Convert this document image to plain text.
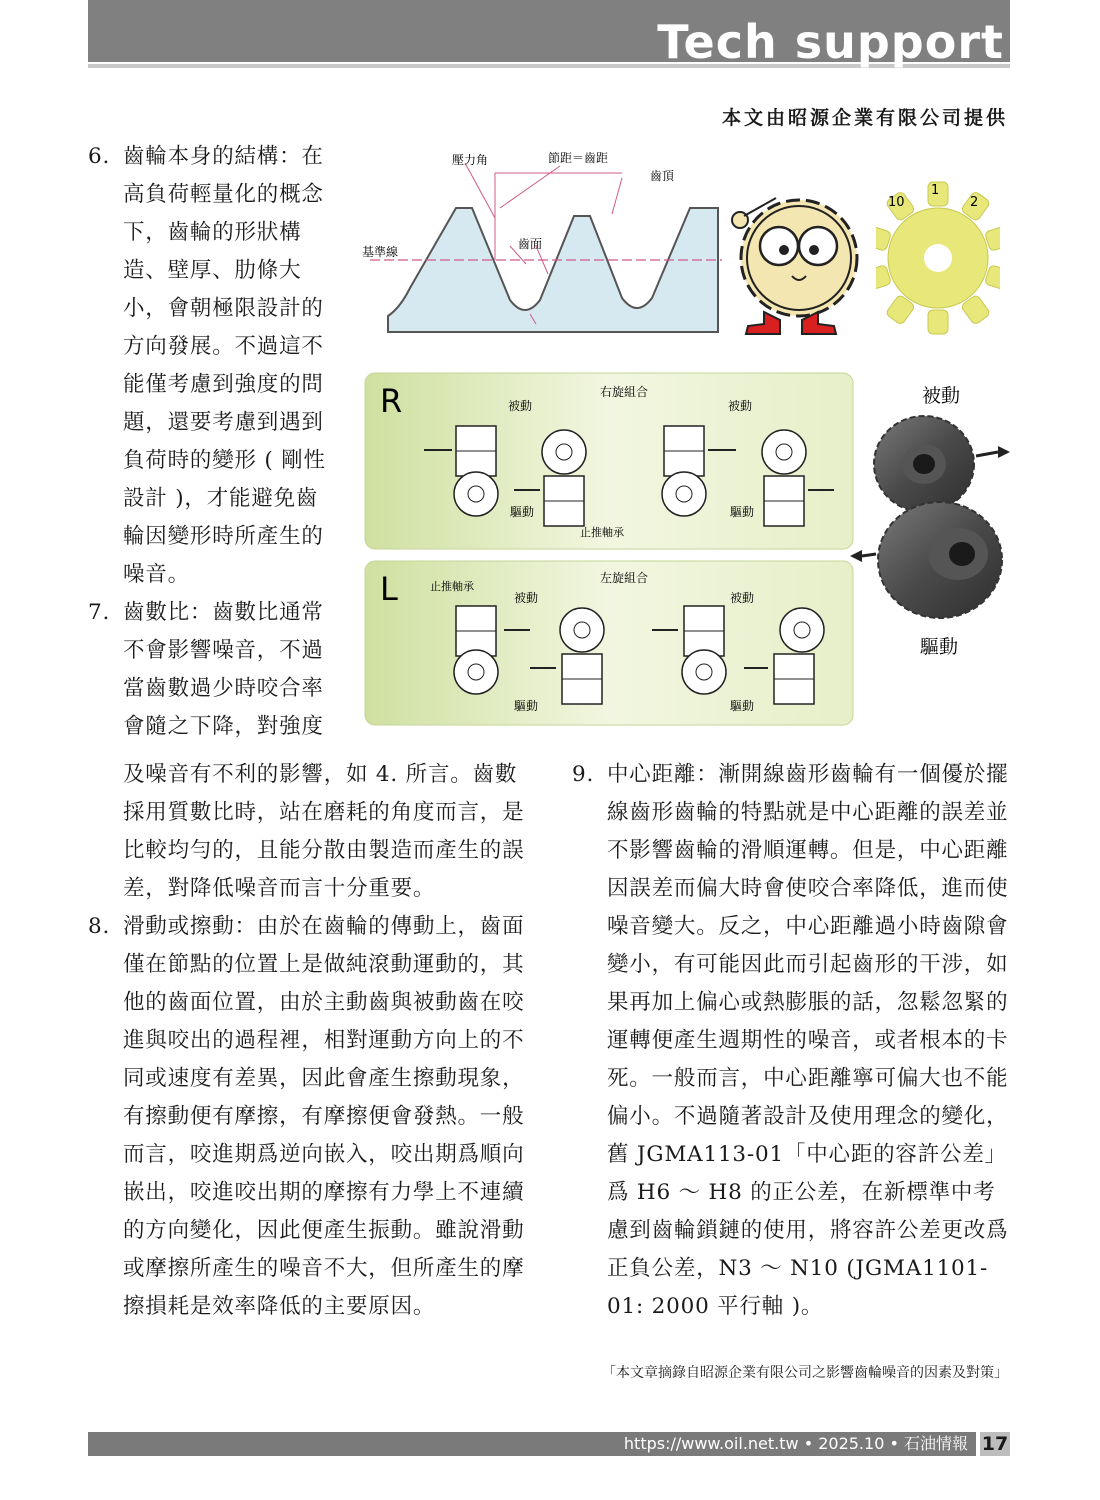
Tech support
本文由昭源企業有限公司提供

6. 齒輪本身的結構：在高負荷輕量化的概念下，齒輪的形狀構造、壁厚、肋條大小，會朝極限設計的方向發展。不過這不能僅考慮到強度的問題，還要考慮到遇到負荷時的變形 ( 剛性設計 )，才能避免齒輪因變形時所產生的噪音。

7. 齒數比：齒數比通常不會影響噪音，不過當齒數過少時咬合率會隨之下降，對強度

及噪音有不利的影響，如 4. 所言。齒數採用質數比時，站在磨耗的角度而言，是比較均勻的，且能分散由製造而產生的誤差，對降低噪音而言十分重要。

8. 滑動或擦動：由於在齒輪的傳動上，齒面僅在節點的位置上是做純滾動運動的，其他的齒面位置，由於主動齒與被動齒在咬進與咬出的過程裡，相對運動方向上的不同或速度有差異，因此會產生擦動現象，有擦動便有摩擦，有摩擦便會發熱。一般而言，咬進期爲逆向嵌入，咬出期爲順向嵌出，咬進咬出期的摩擦有力學上不連續的方向變化，因此便產生振動。雖說滑動或摩擦所產生的噪音不大，但所產生的摩擦損耗是效率降低的主要原因。

9. 中心距離：漸開線齒形齒輪有一個優於擺線齒形齒輪的特點就是中心距離的誤差並不影響齒輪的滑順運轉。但是，中心距離因誤差而偏大時會使咬合率降低，進而使噪音變大。反之，中心距離過小時齒隙會變小，有可能因此而引起齒形的干涉，如果再加上偏心或熱膨脹的話，忽鬆忽緊的運轉便產生週期性的噪音，或者根本的卡死。一般而言，中心距離寧可偏大也不能偏小。不過隨著設計及使用理念的變化，舊 JGMA113-01「中心距的容許公差」爲 H6 ～ H8 的正公差，在新標準中考慮到齒輪鎖鏈的使用，將容許公差更改爲正負公差，N3 ～ N10 (JGMA1101-01: 2000 平行軸 )。

壓力角	節距＝齒距
齒頂
齒面
基準線
1
2
10
R	右旋組合
被動	被動
驅動	驅動
止推軸承
L	左旋組合
止推軸承
被動	被動
驅動	驅動
被動
驅動
「本文章摘錄自昭源企業有限公司之影響齒輪噪音的因素及對策」
https://www.oil.net.tw • 2025.10 • 石油情報 17
